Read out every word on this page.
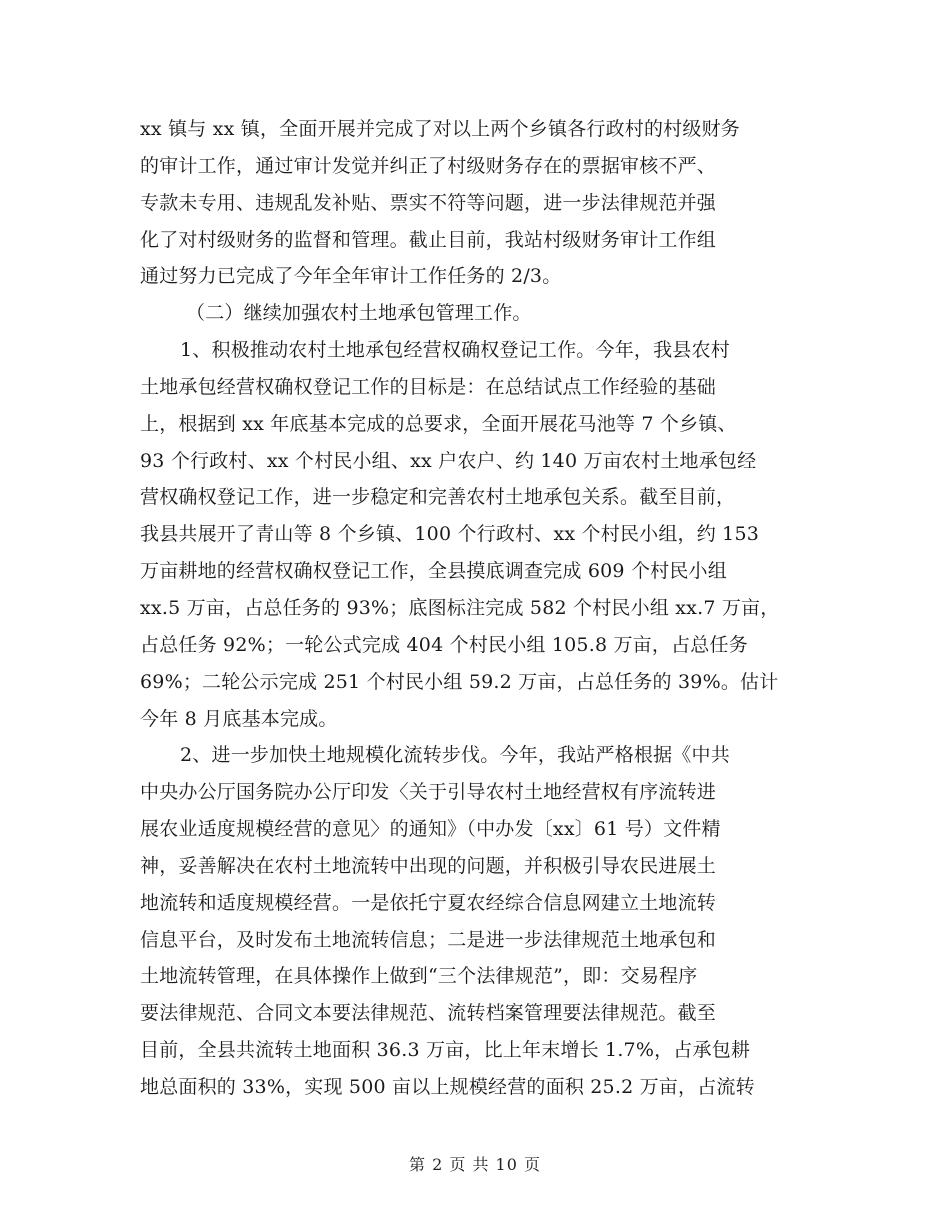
xx 镇与 xx 镇，全面开展并完成了对以上两个乡镇各行政村的村级财务
的审计工作，通过审计发觉并纠正了村级财务存在的票据审核不严、
专款未专用、违规乱发补贴、票实不符等问题，进一步法律规范并强
化了对村级财务的监督和管理。截止目前，我站村级财务审计工作组
通过努力已完成了今年全年审计工作任务的 2/3。
（二）继续加强农村土地承包管理工作。
1、积极推动农村土地承包经营权确权登记工作。今年，我县农村
土地承包经营权确权登记工作的目标是：在总结试点工作经验的基础
上，根据到 xx 年底基本完成的总要求，全面开展花马池等 7 个乡镇、
93 个行政村、xx 个村民小组、xx 户农户、约 140 万亩农村土地承包经
营权确权登记工作，进一步稳定和完善农村土地承包关系。截至目前，
我县共展开了青山等 8 个乡镇、100 个行政村、xx 个村民小组，约 153
万亩耕地的经营权确权登记工作，全县摸底调查完成 609 个村民小组
xx.5 万亩，占总任务的 93%；底图标注完成 582 个村民小组 xx.7 万亩，
占总任务 92%；一轮公式完成 404 个村民小组 105.8 万亩，占总任务
69%；二轮公示完成 251 个村民小组 59.2 万亩，占总任务的 39%。估计
今年 8 月底基本完成。
2、进一步加快土地规模化流转步伐。今年，我站严格根据《中共
中央办公厅国务院办公厅印发〈关于引导农村土地经营权有序流转进
展农业适度规模经营的意见〉的通知》（中办发〔xx〕61 号）文件精
神，妥善解决在农村土地流转中出现的问题，并积极引导农民进展土
地流转和适度规模经营。一是依托宁夏农经综合信息网建立土地流转
信息平台，及时发布土地流转信息；二是进一步法律规范土地承包和
土地流转管理，在具体操作上做到“三个法律规范”，即：交易程序
要法律规范、合同文本要法律规范、流转档案管理要法律规范。截至
目前，全县共流转土地面积 36.3 万亩，比上年末增长 1.7%，占承包耕
地总面积的 33%，实现 500 亩以上规模经营的面积 25.2 万亩，占流转
第 2 页 共 10 页
